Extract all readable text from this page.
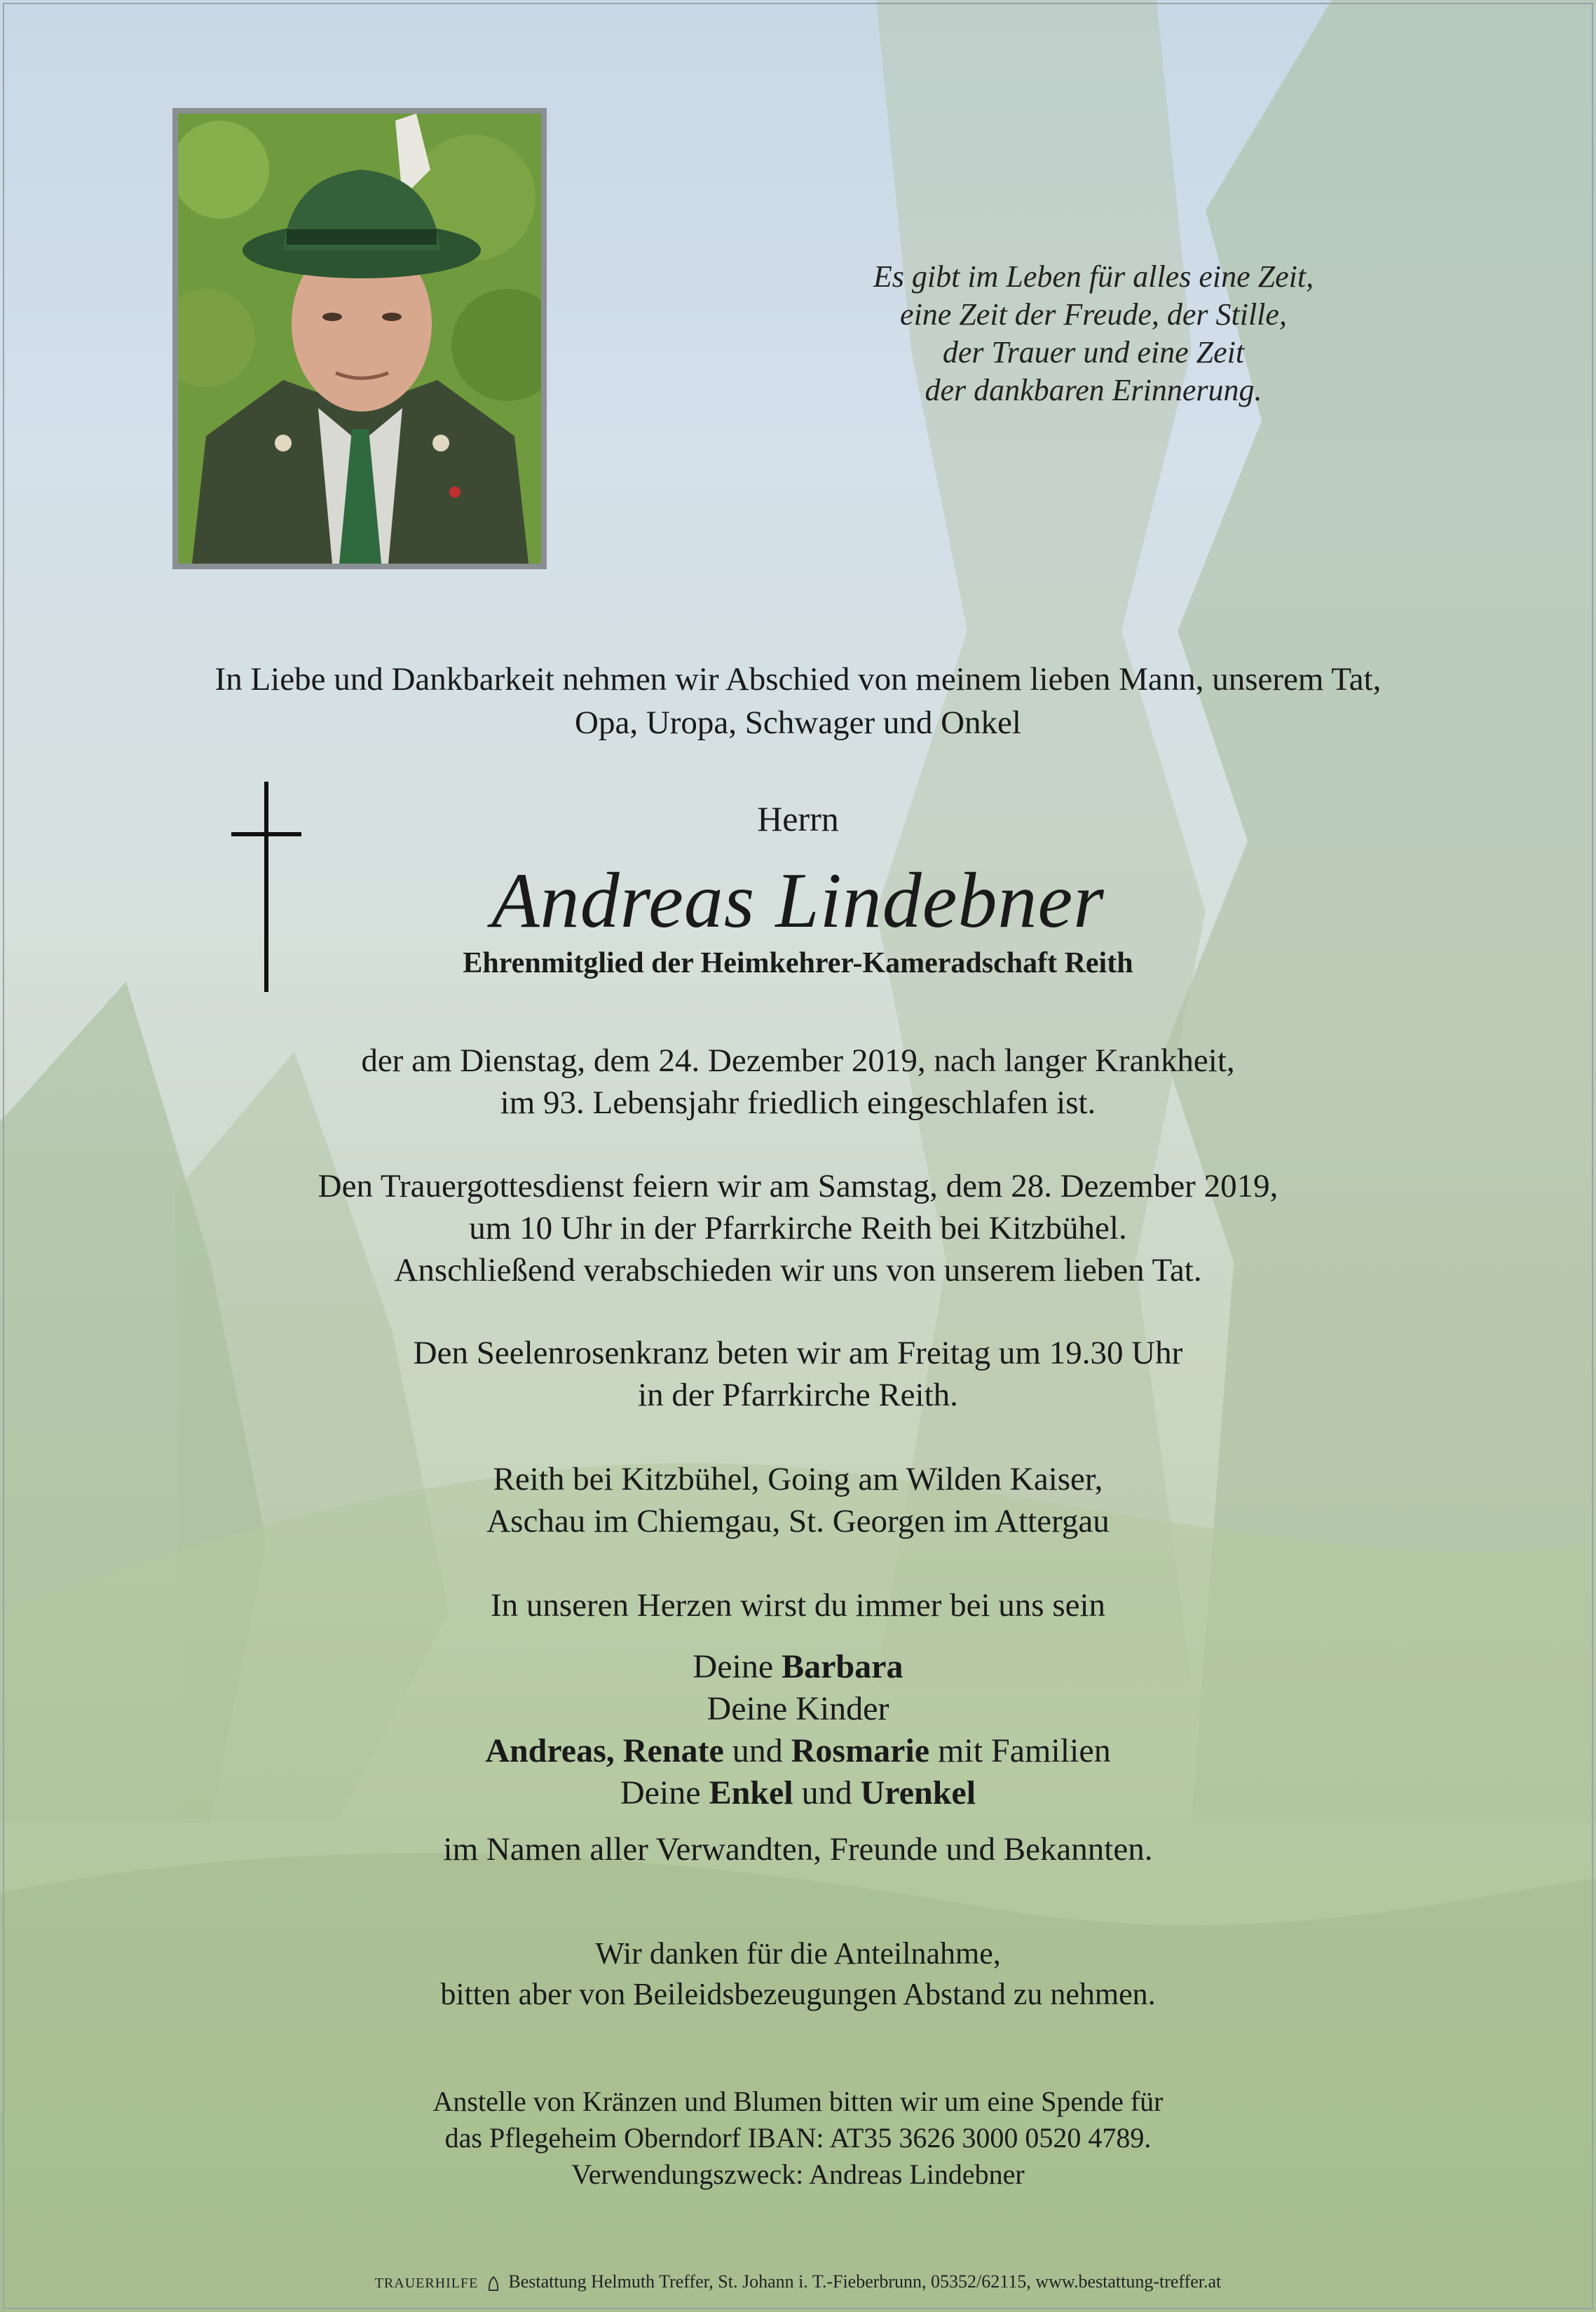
Es gibt im Leben für alles eine Zeit,
eine Zeit der Freude, der Stille,
der Trauer und eine Zeit
der dankbaren Erinnerung.
In Liebe und Dankbarkeit nehmen wir Abschied von meinem lieben Mann, unserem Tat,
Opa, Uropa, Schwager und Onkel
Herrn
Andreas Lindebner
Ehrenmitglied der Heimkehrer-Kameradschaft Reith
der am Dienstag, dem 24. Dezember 2019, nach langer Krankheit,
im 93. Lebensjahr friedlich eingeschlafen ist.
Den Trauergottesdienst feiern wir am Samstag, dem 28. Dezember 2019,
um 10 Uhr in der Pfarrkirche Reith bei Kitzbühel.
Anschließend verabschieden wir uns von unserem lieben Tat.
Den Seelenrosenkranz beten wir am Freitag um 19.30 Uhr
in der Pfarrkirche Reith.
Reith bei Kitzbühel, Going am Wilden Kaiser,
Aschau im Chiemgau, St. Georgen im Attergau
In unseren Herzen wirst du immer bei uns sein
Deine Barbara
Deine Kinder
Andreas, Renate und Rosmarie mit Familien
Deine Enkel und Urenkel
im Namen aller Verwandten, Freunde und Bekannten.
Wir danken für die Anteilnahme,
bitten aber von Beileidsbezeugungen Abstand zu nehmen.
Anstelle von Kränzen und Blumen bitten wir um eine Spende für
das Pflegeheim Oberndorf IBAN: AT35 3626 3000 0520 4789.
Verwendungszweck: Andreas Lindebner
TRAUERHILFE Bestattung Helmuth Treffer, St. Johann i. T.-Fieberbrunn, 05352/62115, www.bestattung-treffer.at
